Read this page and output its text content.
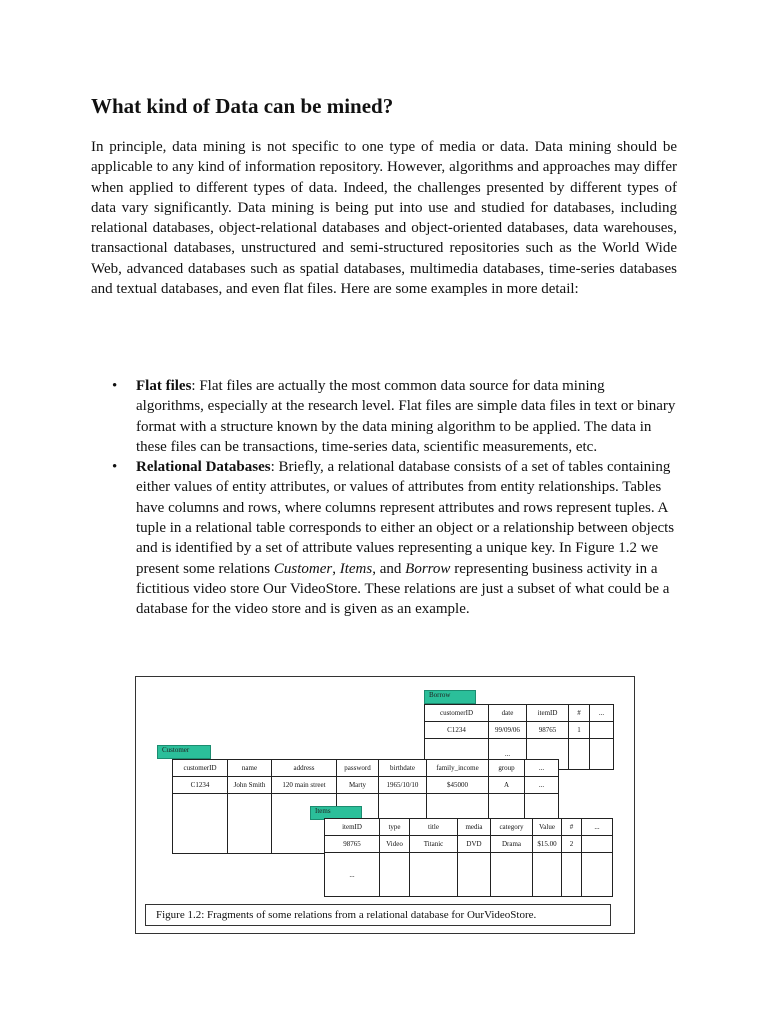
What kind of Data can be mined?

In principle, data mining is not specific to one type of media or data. Data mining should be applicable to any kind of information repository. However, algorithms and approaches may differ when applied to different types of data. Indeed, the challenges presented by different types of data vary significantly. Data mining is being put into use and studied for databases, including relational databases, object-relational databases and object-oriented databases, data warehouses, transactional databases, unstructured and semi-structured repositories such as the World Wide Web, advanced databases such as spatial databases, multimedia databases, time-series databases and textual databases, and even flat files. Here are some examples in more detail:

• Flat files: Flat files are actually the most common data source for data mining algorithms, especially at the research level. Flat files are simple data files in text or binary format with a structure known by the data mining algorithm to be applied. The data in these files can be transactions, time-series data, scientific measurements, etc.
• Relational Databases: Briefly, a relational database consists of a set of tables containing either values of entity attributes, or values of attributes from entity relationships. Tables have columns and rows, where columns represent attributes and rows represent tuples. A tuple in a relational table corresponds to either an object or a relationship between objects and is identified by a set of attribute values representing a unique key. In Figure 1.2 we present some relations Customer, Items, and Borrow representing business activity in a fictitious video store Our VideoStore. These relations are just a subset of what could be a database for the video store and is given as an example.
Borrow
customerID	date	itemID	#	...
C1234	99/09/06	98765	1	
	...			
Customer
customerID	name	address	password	birthdate	family_income	group	...
C1234	John Smith	120 main street	Marty	1965/10/10	$45000	A	...

Items
itemID	type	title	media	category	Value	#	...
98765	Video	Titanic	DVD	Drama	$15.00	2	
...							
Figure 1.2: Fragments of some relations from a relational database for OurVideoStore.
